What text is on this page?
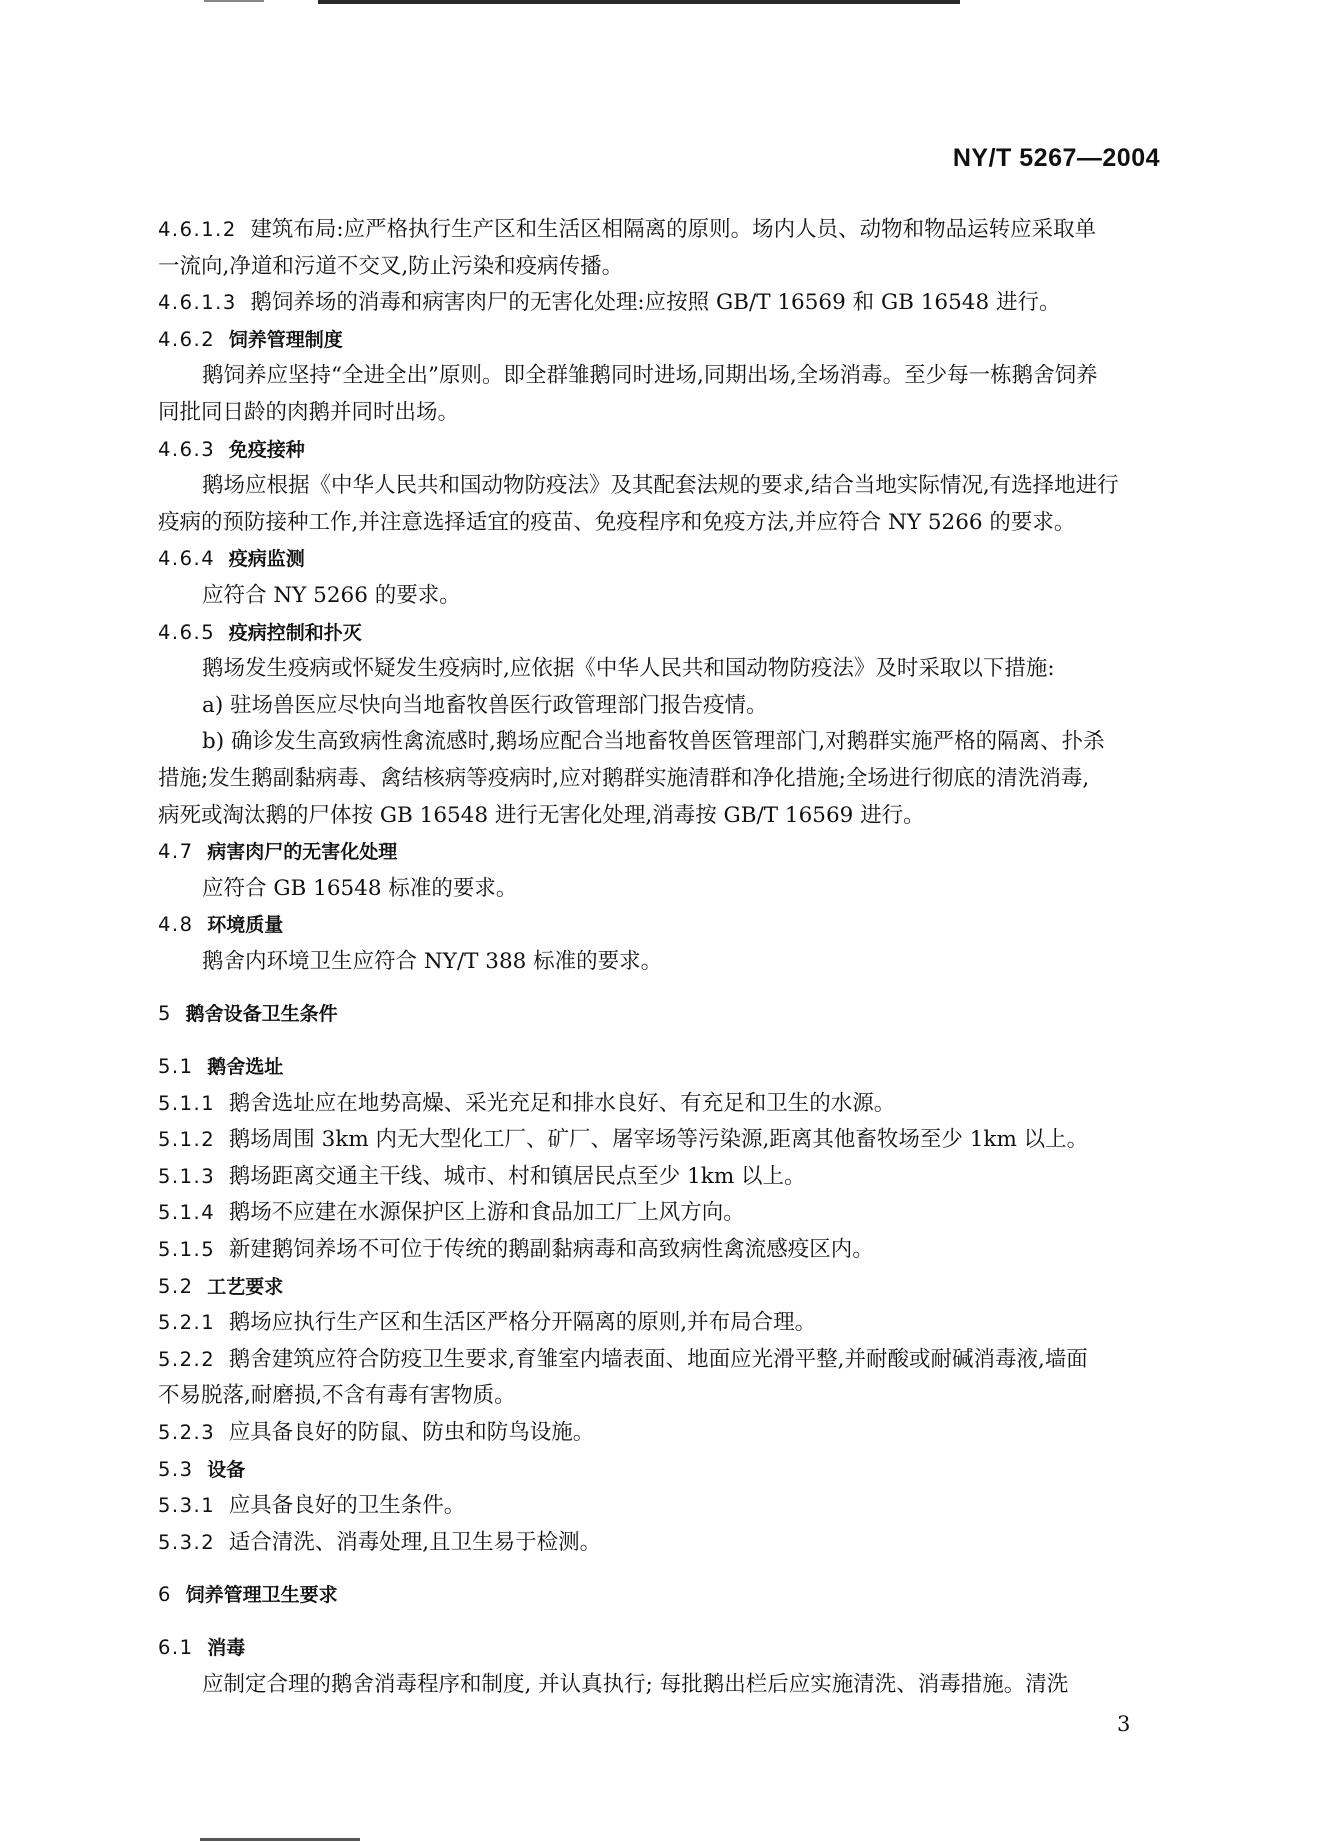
NY/T 5267—2004
4.6.1.2 建筑布局:应严格执行生产区和生活区相隔离的原则。场内人员、动物和物品运转应采取单
一流向,净道和污道不交叉,防止污染和疫病传播。
4.6.1.3 鹅饲养场的消毒和病害肉尸的无害化处理:应按照 GB/T 16569 和 GB 16548 进行。
4.6.2 饲养管理制度
鹅饲养应坚持“全进全出”原则。即全群雏鹅同时进场,同期出场,全场消毒。至少每一栋鹅舍饲养
同批同日龄的肉鹅并同时出场。
4.6.3 免疫接种
鹅场应根据《中华人民共和国动物防疫法》及其配套法规的要求,结合当地实际情况,有选择地进行
疫病的预防接种工作,并注意选择适宜的疫苗、免疫程序和免疫方法,并应符合 NY 5266 的要求。
4.6.4 疫病监测
应符合 NY 5266 的要求。
4.6.5 疫病控制和扑灭
鹅场发生疫病或怀疑发生疫病时,应依据《中华人民共和国动物防疫法》及时采取以下措施:
a) 驻场兽医应尽快向当地畜牧兽医行政管理部门报告疫情。
b) 确诊发生高致病性禽流感时,鹅场应配合当地畜牧兽医管理部门,对鹅群实施严格的隔离、扑杀
措施;发生鹅副黏病毒、禽结核病等疫病时,应对鹅群实施清群和净化措施;全场进行彻底的清洗消毒,
病死或淘汰鹅的尸体按 GB 16548 进行无害化处理,消毒按 GB/T 16569 进行。
4.7 病害肉尸的无害化处理
应符合 GB 16548 标准的要求。
4.8 环境质量
鹅舍内环境卫生应符合 NY/T 388 标准的要求。
5 鹅舍设备卫生条件
5.1 鹅舍选址
5.1.1 鹅舍选址应在地势高燥、采光充足和排水良好、有充足和卫生的水源。
5.1.2 鹅场周围 3km 内无大型化工厂、矿厂、屠宰场等污染源,距离其他畜牧场至少 1km 以上。
5.1.3 鹅场距离交通主干线、城市、村和镇居民点至少 1km 以上。
5.1.4 鹅场不应建在水源保护区上游和食品加工厂上风方向。
5.1.5 新建鹅饲养场不可位于传统的鹅副黏病毒和高致病性禽流感疫区内。
5.2 工艺要求
5.2.1 鹅场应执行生产区和生活区严格分开隔离的原则,并布局合理。
5.2.2 鹅舍建筑应符合防疫卫生要求,育雏室内墙表面、地面应光滑平整,并耐酸或耐碱消毒液,墙面
不易脱落,耐磨损,不含有毒有害物质。
5.2.3 应具备良好的防鼠、防虫和防鸟设施。
5.3 设备
5.3.1 应具备良好的卫生条件。
5.3.2 适合清洗、消毒处理,且卫生易于检测。
6 饲养管理卫生要求
6.1 消毒
应制定合理的鹅舍消毒程序和制度, 并认真执行; 每批鹅出栏后应实施清洗、消毒措施。清洗
3
